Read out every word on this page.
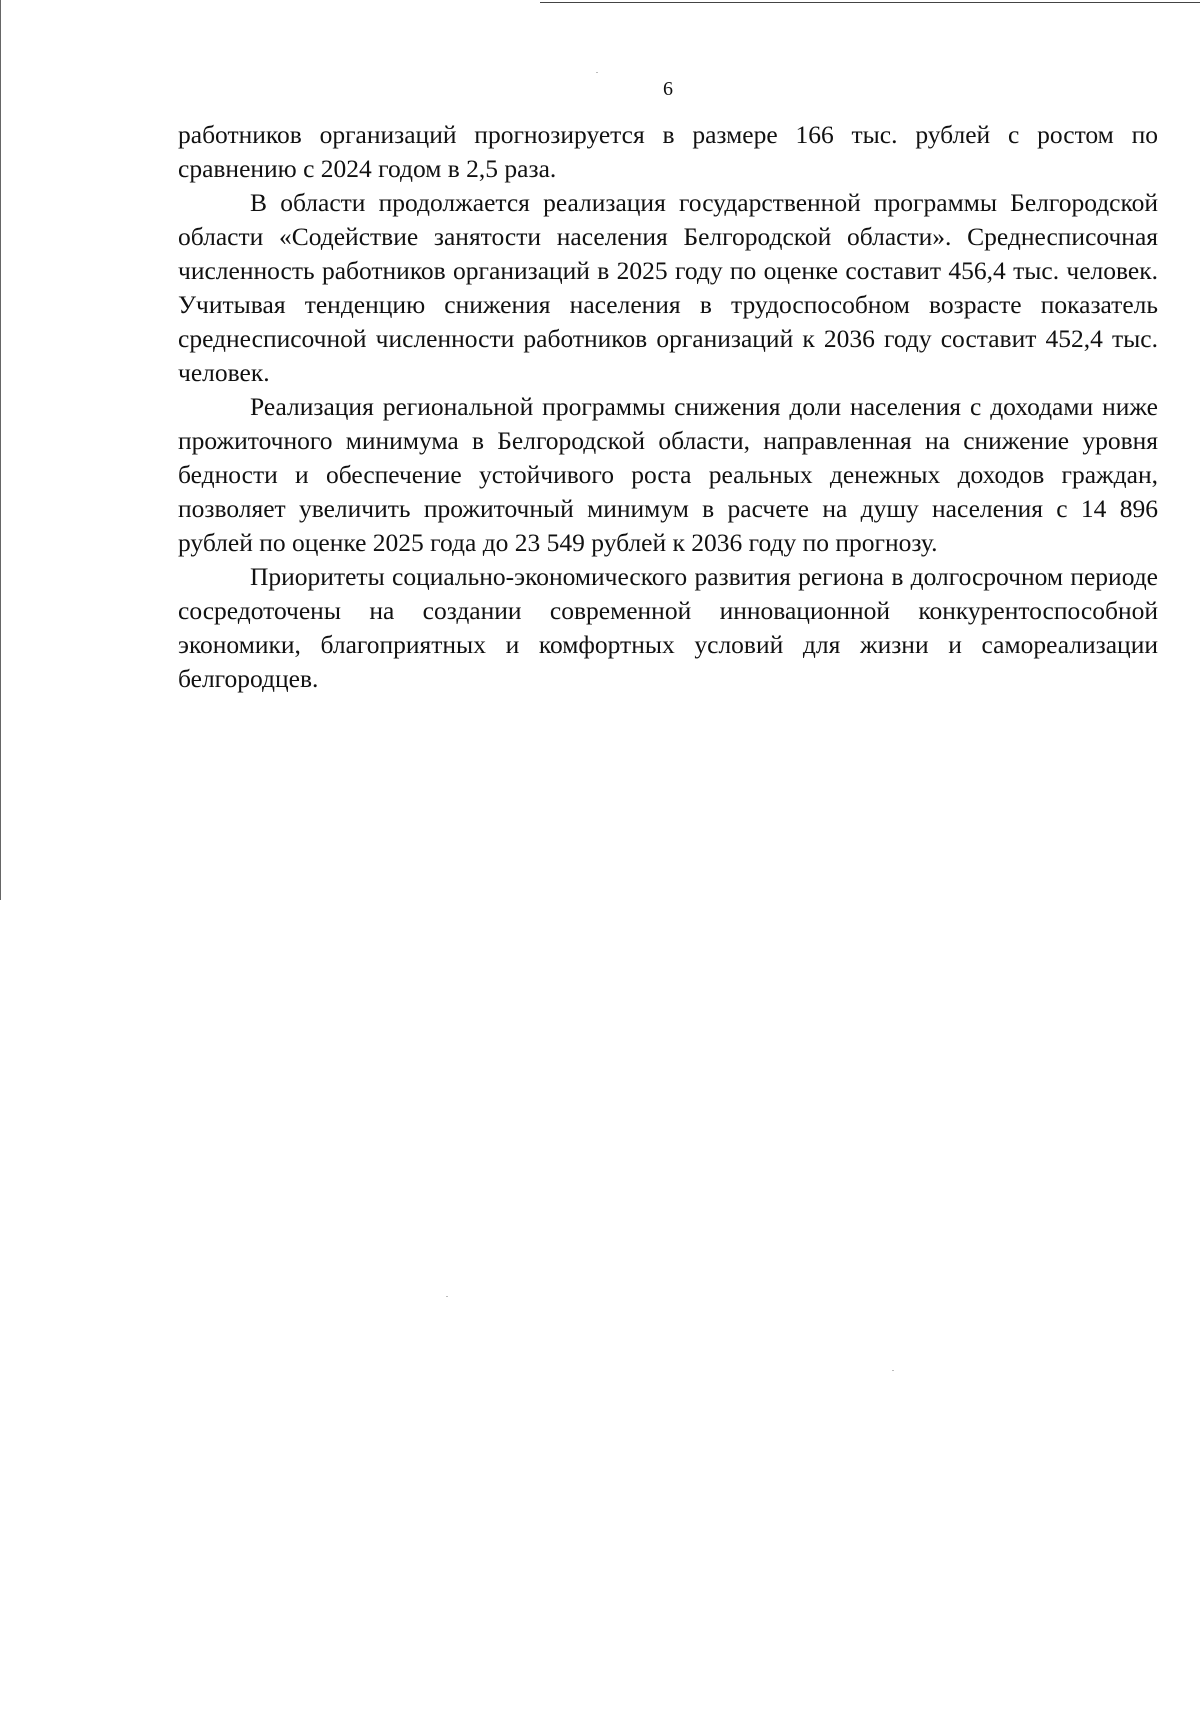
6

работников организаций прогнозируется в размере 166 тыс. рублей с ростом по сравнению с 2024 годом в 2,5 раза.

В области продолжается реализация государственной программы Белгородской области «Содействие занятости населения Белгородской области». Среднесписочная численность работников организаций в 2025 году по оценке составит 456,4 тыс. человек. Учитывая тенденцию снижения населения в трудоспособном возрасте показатель среднесписочной численности работников организаций к 2036 году составит 452,4 тыс. человек.

Реализация региональной программы снижения доли населения с доходами ниже прожиточного минимума в Белгородской области, направленная на снижение уровня бедности и обеспечение устойчивого роста реальных денежных доходов граждан, позволяет увеличить прожиточный минимум в расчете на душу населения с 14 896 рублей по оценке 2025 года до 23 549 рублей к 2036 году по прогнозу.

Приоритеты социально-экономического развития региона в долгосрочном периоде сосредоточены на создании современной инновационной конкурентоспособной экономики, благоприятных и комфортных условий для жизни и самореализации белгородцев.
